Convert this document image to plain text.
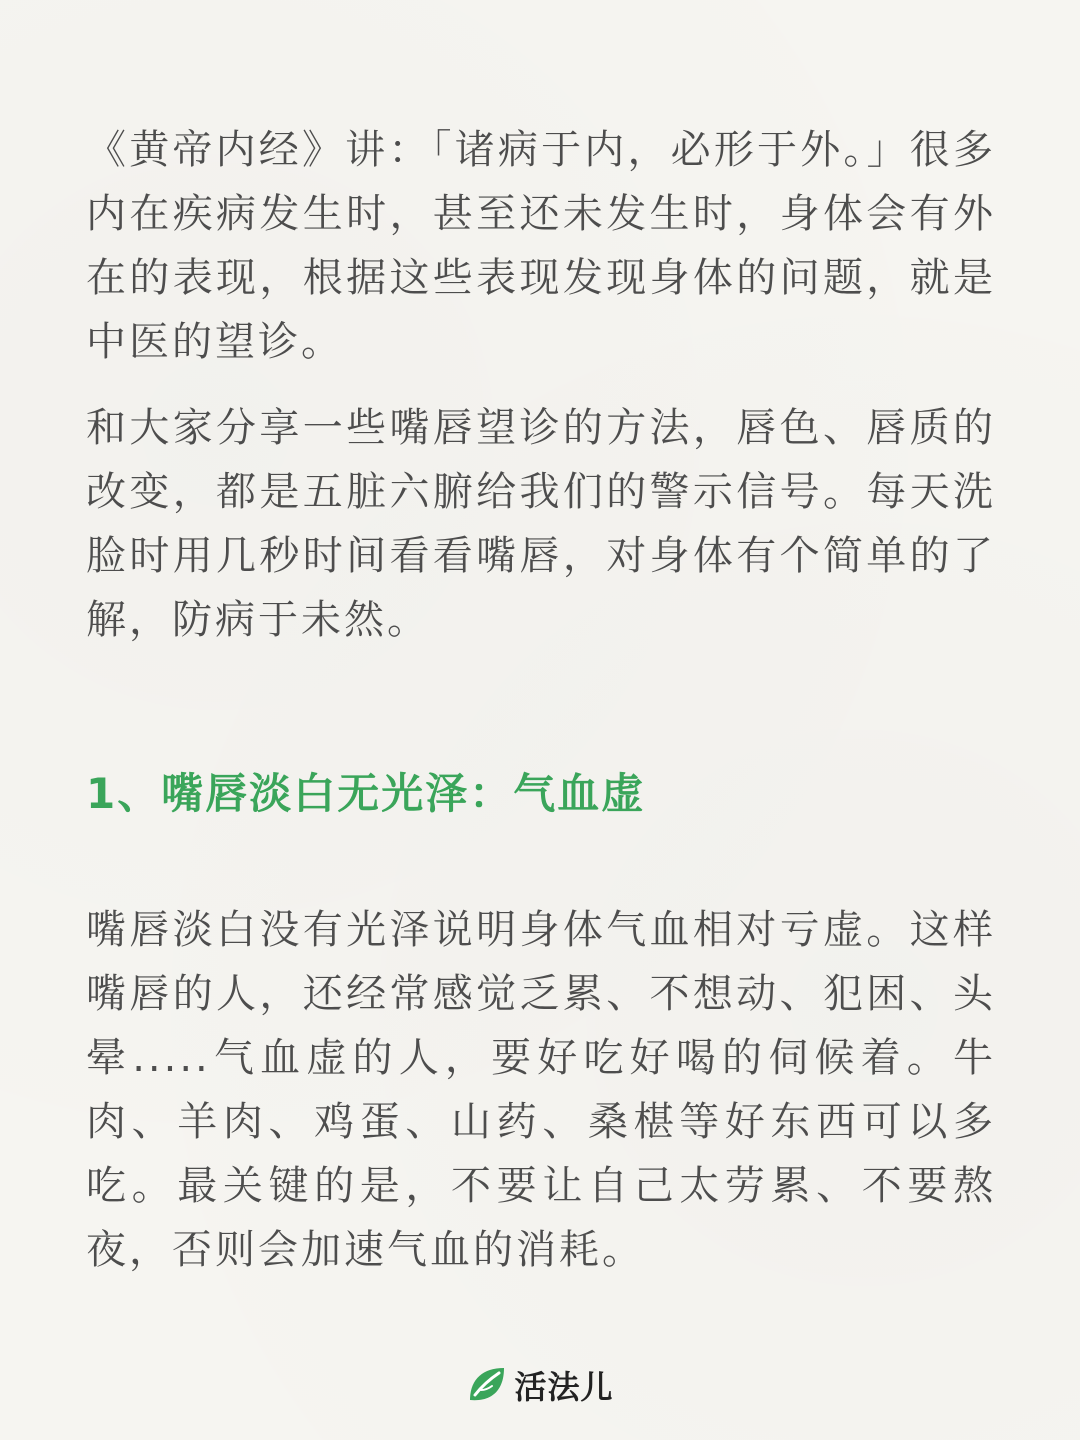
《黄帝内经》讲：「诸病于内，必形于外。」很多内在疾病发生时，甚至还未发生时，身体会有外在的表现，根据这些表现发现身体的问题，就是中医的望诊。

和大家分享一些嘴唇望诊的方法，唇色、唇质的改变，都是五脏六腑给我们的警示信号。每天洗脸时用几秒时间看看嘴唇，对身体有个简单的了解，防病于未然。

1、嘴唇淡白无光泽：气血虚

嘴唇淡白没有光泽说明身体气血相对亏虚。这样嘴唇的人，还经常感觉乏累、不想动、犯困、头晕.....气血虚的人，要好吃好喝的伺候着。牛肉、羊肉、鸡蛋、山药、桑椹等好东西可以多吃。最关键的是，不要让自己太劳累、不要熬夜，否则会加速气血的消耗。

活法儿
